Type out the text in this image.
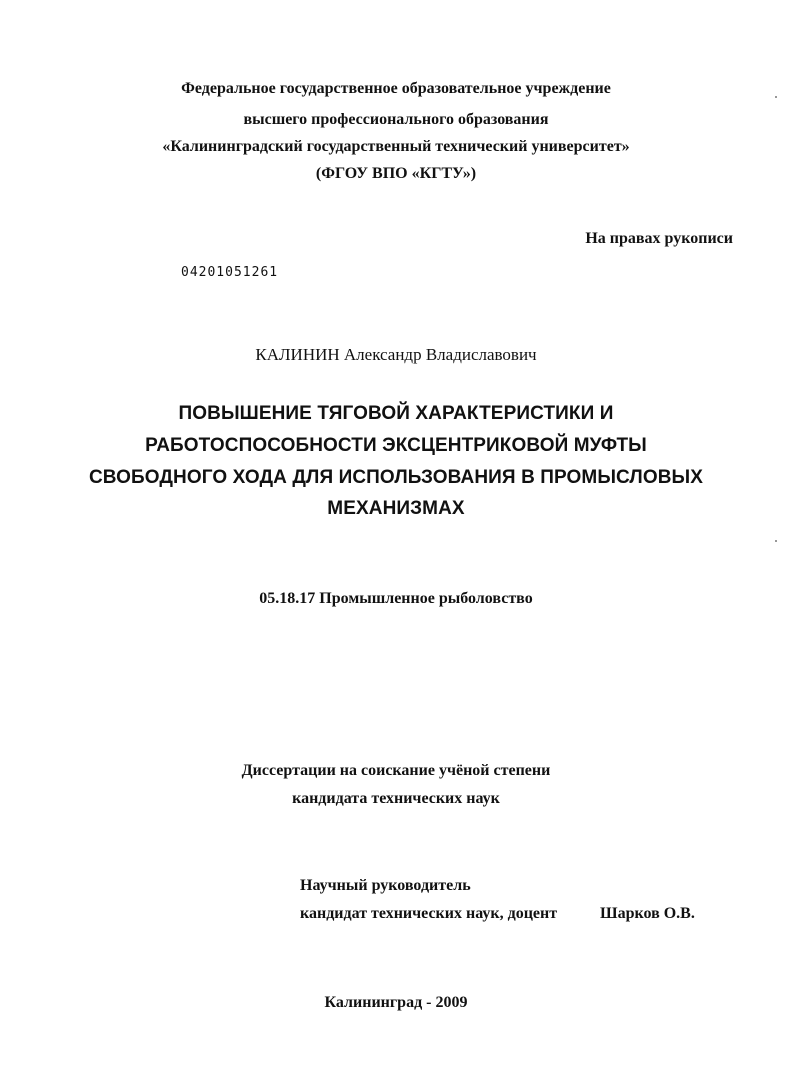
Федеральное государственное образовательное учреждение
высшего профессионального образования
«Калининградский государственный технический университет»
(ФГОУ ВПО «КГТУ»)
На правах рукописи
04201051261
КАЛИНИН Александр Владиславович
ПОВЫШЕНИЕ ТЯГОВОЙ ХАРАКТЕРИСТИКИ И
РАБОТОСПОСОБНОСТИ ЭКСЦЕНТРИКОВОЙ МУФТЫ
СВОБОДНОГО ХОДА ДЛЯ ИСПОЛЬЗОВАНИЯ В ПРОМЫСЛОВЫХ
МЕХАНИЗМАХ
05.18.17 Промышленное рыболовство
Диссертации на соискание учёной степени
кандидата технических наук
Научный руководитель
кандидат технических наук, доцент	Шарков О.В.
Калининград - 2009
